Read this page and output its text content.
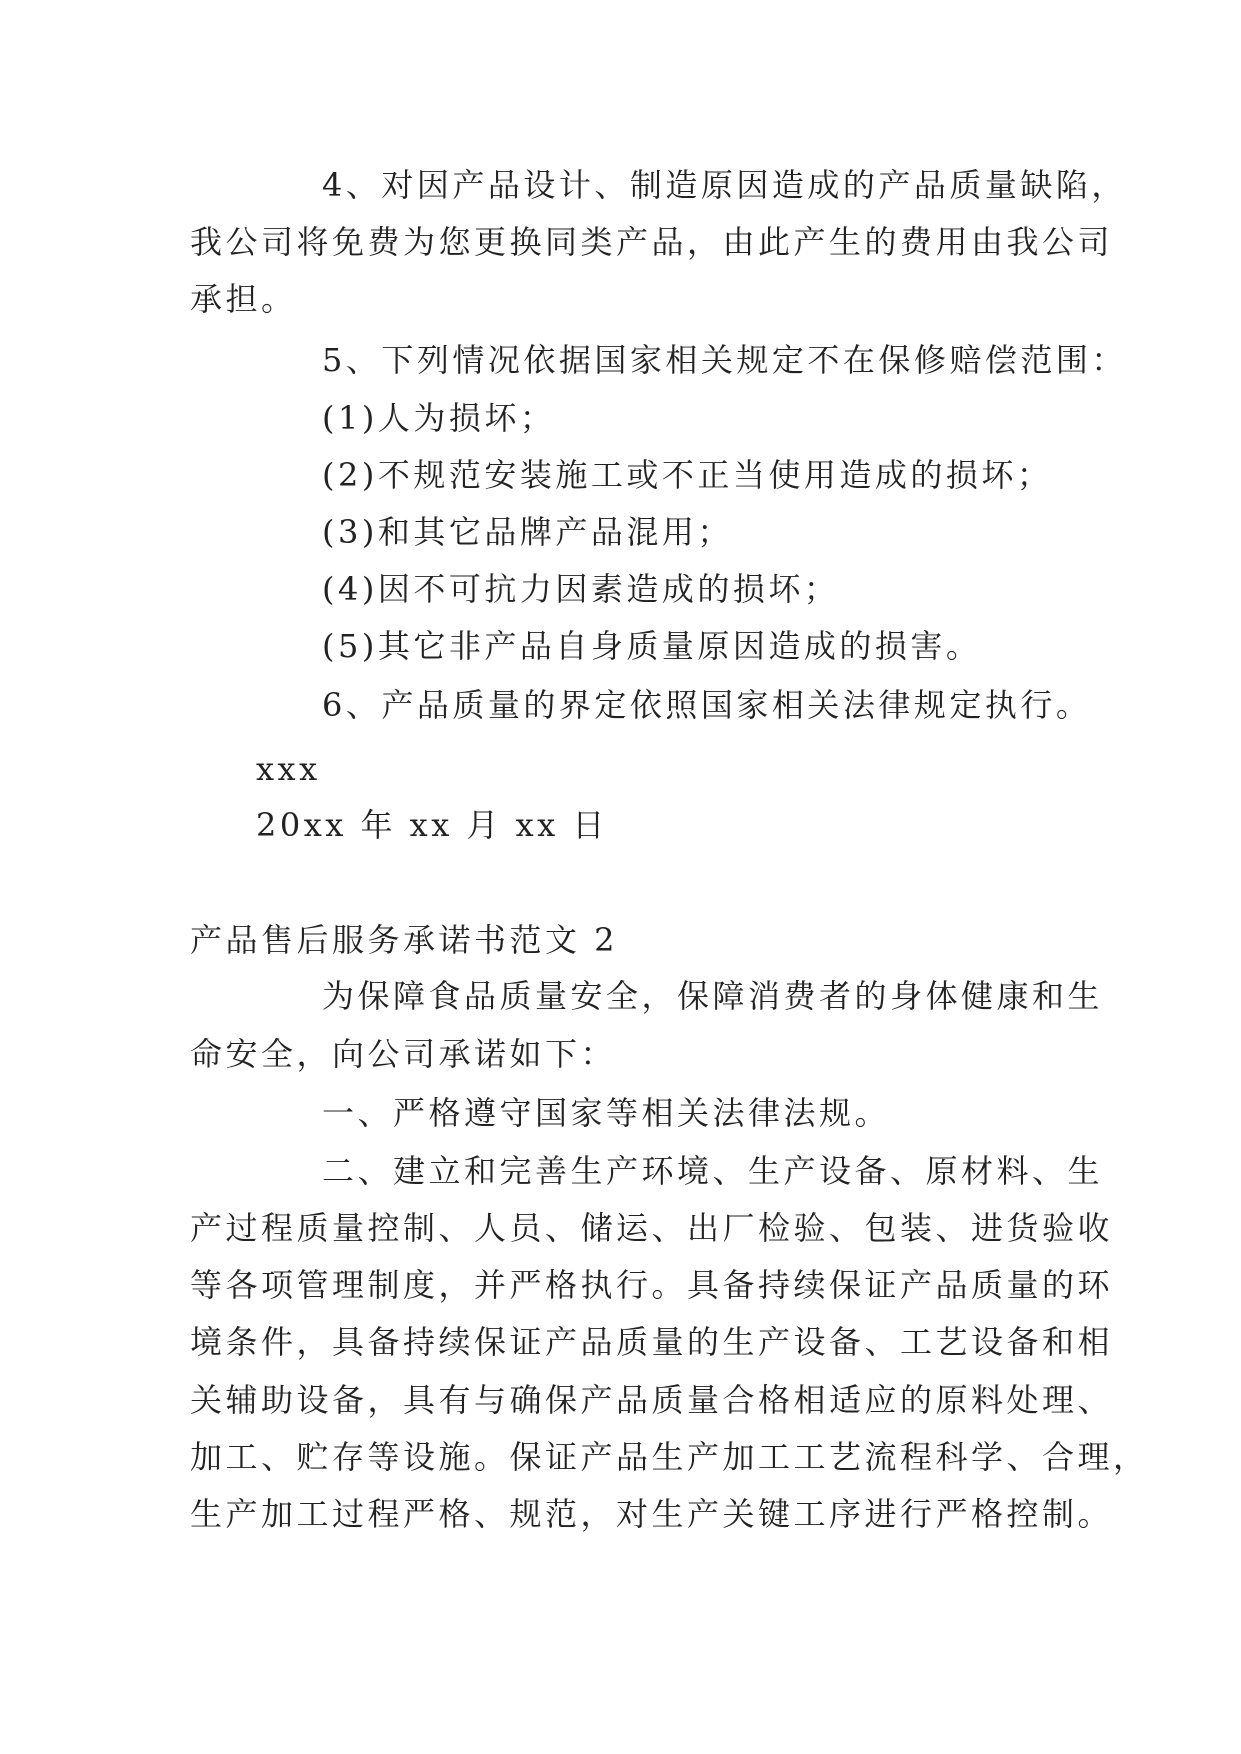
4、对因产品设计、制造原因造成的产品质量缺陷，
我公司将免费为您更换同类产品，由此产生的费用由我公司
承担。
5、下列情况依据国家相关规定不在保修赔偿范围：
(1)人为损坏；
(2)不规范安装施工或不正当使用造成的损坏；
(3)和其它品牌产品混用；
(4)因不可抗力因素造成的损坏；
(5)其它非产品自身质量原因造成的损害。
6、产品质量的界定依照国家相关法律规定执行。
xxx
20xx 年 xx 月 xx 日
产品售后服务承诺书范文 2
为保障食品质量安全，保障消费者的身体健康和生
命安全，向公司承诺如下：
一、严格遵守国家等相关法律法规。
二、建立和完善生产环境、生产设备、原材料、生
产过程质量控制、人员、储运、出厂检验、包装、进货验收
等各项管理制度，并严格执行。具备持续保证产品质量的环
境条件，具备持续保证产品质量的生产设备、工艺设备和相
关辅助设备，具有与确保产品质量合格相适应的原料处理、
加工、贮存等设施。保证产品生产加工工艺流程科学、合理，
生产加工过程严格、规范，对生产关键工序进行严格控制。
